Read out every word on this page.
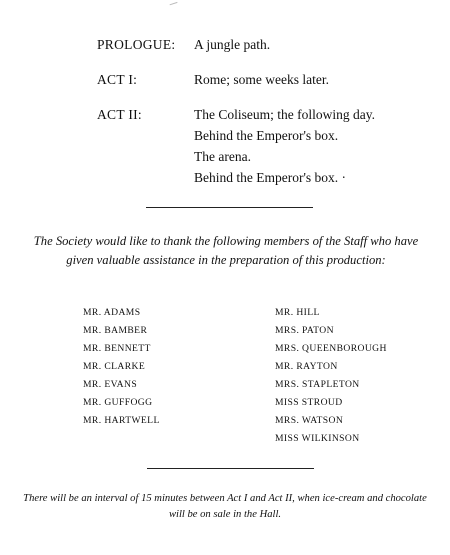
PROLOGUE:	A jungle path.
ACT I:	Rome; some weeks later.
ACT II:	The Coliseum; the following day.
Behind the Emperor's box.
The arena.
Behind the Emperor's box. ·
The Society would like to thank the following members of the Staff who have given valuable assistance in the preparation of this production:
MR. ADAMS
MR. BAMBER
MR. BENNETT
MR. CLARKE
MR. EVANS
MR. GUFFOGG
MR. HARTWELL
MR. HILL
MRS. PATON
MRS. QUEENBOROUGH
MR. RAYTON
MRS. STAPLETON
MISS STROUD
MRS. WATSON
MISS WILKINSON
There will be an interval of 15 minutes between Act I and Act II, when ice-cream and chocolate will be on sale in the Hall.
